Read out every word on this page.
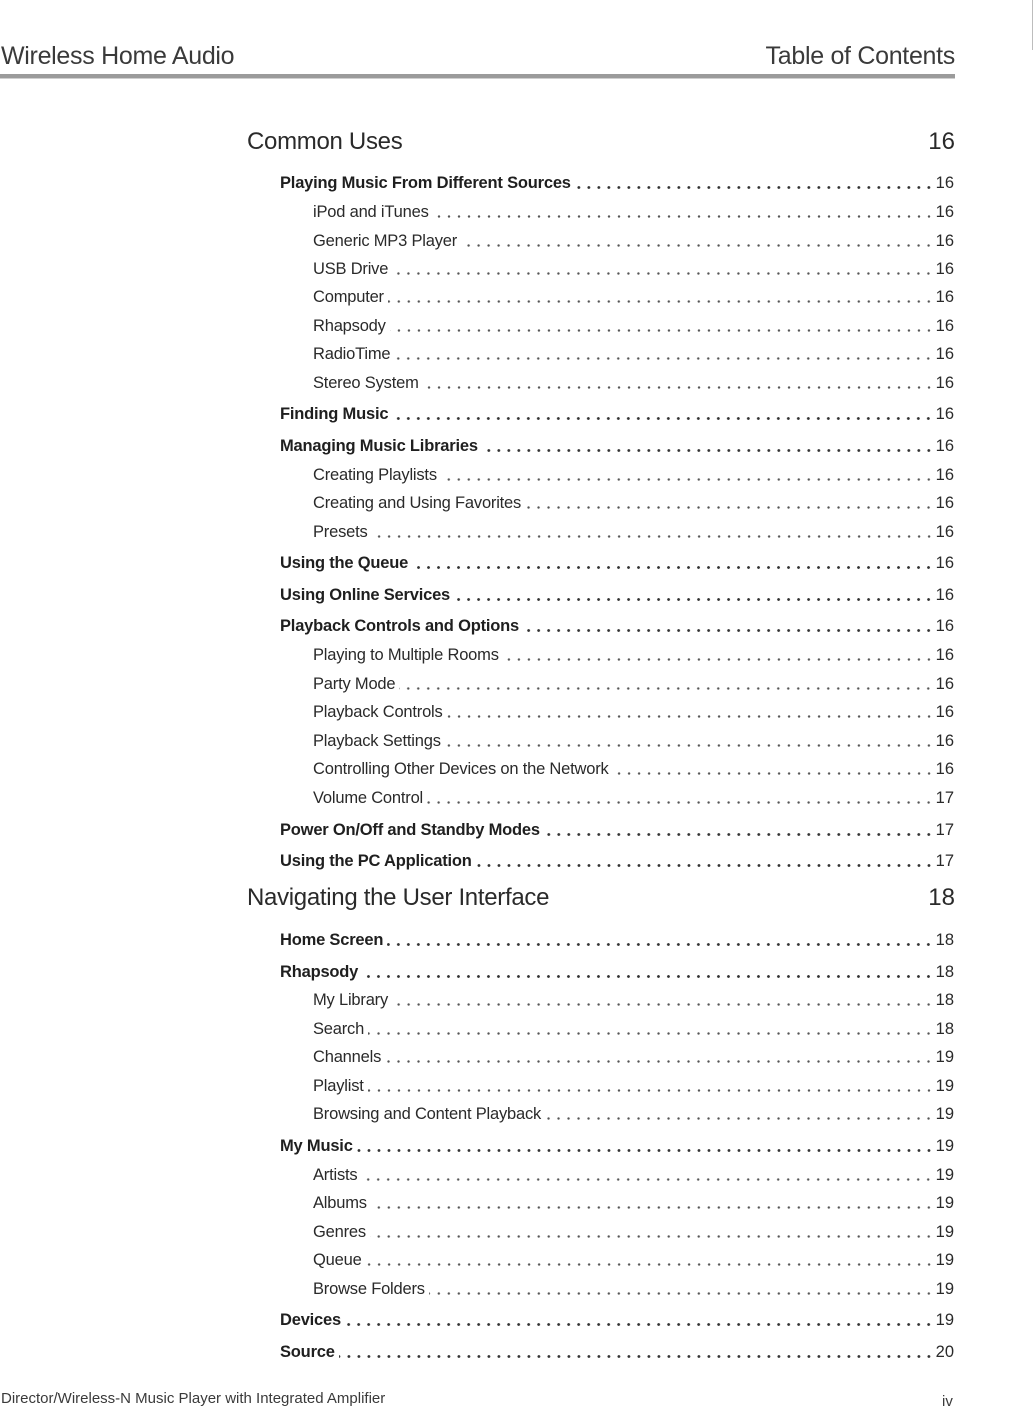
Wireless Home Audio	Table of Contents
Common Uses	16
Playing Music From Different Sources	16
iPod and iTunes	16
Generic MP3 Player	16
USB Drive	16
Computer	16
Rhapsody	16
RadioTime	16
Stereo System	16
Finding Music	16
Managing Music Libraries	16
Creating Playlists	16
Creating and Using Favorites	16
Presets	16
Using the Queue	16
Using Online Services	16
Playback Controls and Options	16
Playing to Multiple Rooms	16
Party Mode	16
Playback Controls	16
Playback Settings	16
Controlling Other Devices on the Network	16
Volume Control	17
Power On/Off and Standby Modes	17
Using the PC Application	17
Navigating the User Interface	18
Home Screen	18
Rhapsody	18
My Library	18
Search	18
Channels	19
Playlist	19
Browsing and Content Playback	19
My Music	19
Artists	19
Albums	19
Genres	19
Queue	19
Browse Folders	19
Devices	19
Source	20
Director/Wireless-N Music Player with Integrated Amplifier	iv
